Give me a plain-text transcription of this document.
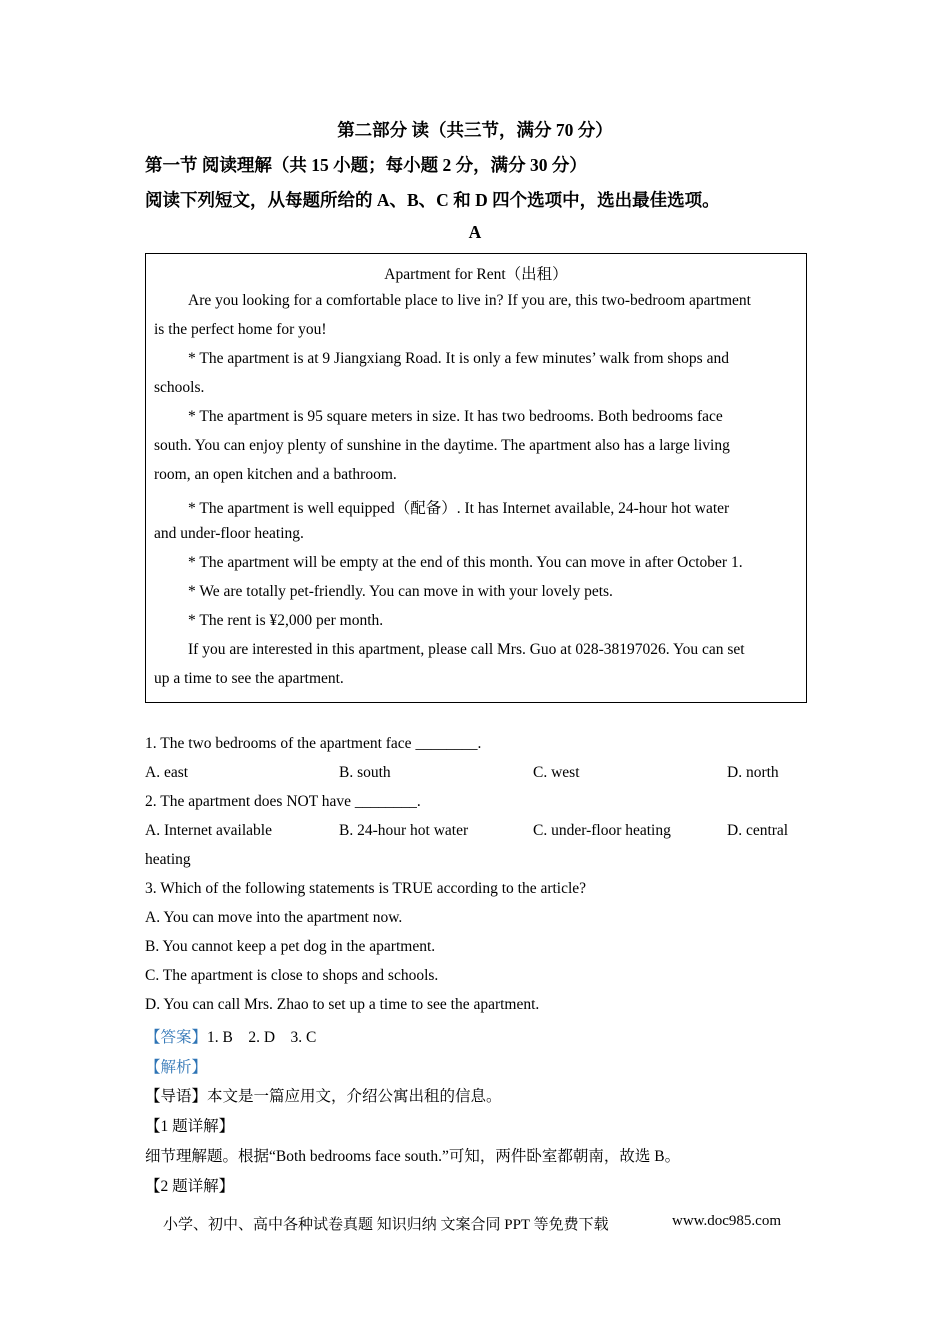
第二部分 读（共三节，满分 70 分）
第一节 阅读理解（共 15 小题；每小题 2 分，满分 30 分）
阅读下列短文，从每题所给的 A、B、C 和 D 四个选项中，选出最佳选项。
A
Apartment for Rent（出租）
Are you looking for a comfortable place to live in? If you are, this two-bedroom apartment
is the perfect home for you!
* The apartment is at 9 Jiangxiang Road. It is only a few minutes’ walk from shops and
schools.
* The apartment is 95 square meters in size. It has two bedrooms. Both bedrooms face
south. You can enjoy plenty of sunshine in the daytime. The apartment also has a large living
room, an open kitchen and a bathroom.
* The apartment is well equipped（配备）. It has Internet available, 24-hour hot water
and under-floor heating.
* The apartment will be empty at the end of this month. You can move in after October 1.
* We are totally pet-friendly. You can move in with your lovely pets.
* The rent is ¥2,000 per month.
If you are interested in this apartment, please call Mrs. Guo at 028-38197026. You can set
up a time to see the apartment.
1. The two bedrooms of the apartment face ________.
A. east	B. south	C. west	D. north
2. The apartment does NOT have ________.
A. Internet available	B. 24-hour hot water	C. under-floor heating	D. central
heating
3. Which of the following statements is TRUE according to the article?
A. You can move into the apartment now.
B. You cannot keep a pet dog in the apartment.
C. The apartment is close to shops and schools.
D. You can call Mrs. Zhao to set up a time to see the apartment.
【答案】1. B    2. D    3. C
【解析】
【导语】本文是一篇应用文，介绍公寓出租的信息。
【1 题详解】
细节理解题。根据“Both bedrooms face south.”可知，两件卧室都朝南，故选 B。
【2 题详解】
小学、初中、高中各种试卷真题 知识归纳 文案合同 PPT 等免费下载	www.doc985.com
